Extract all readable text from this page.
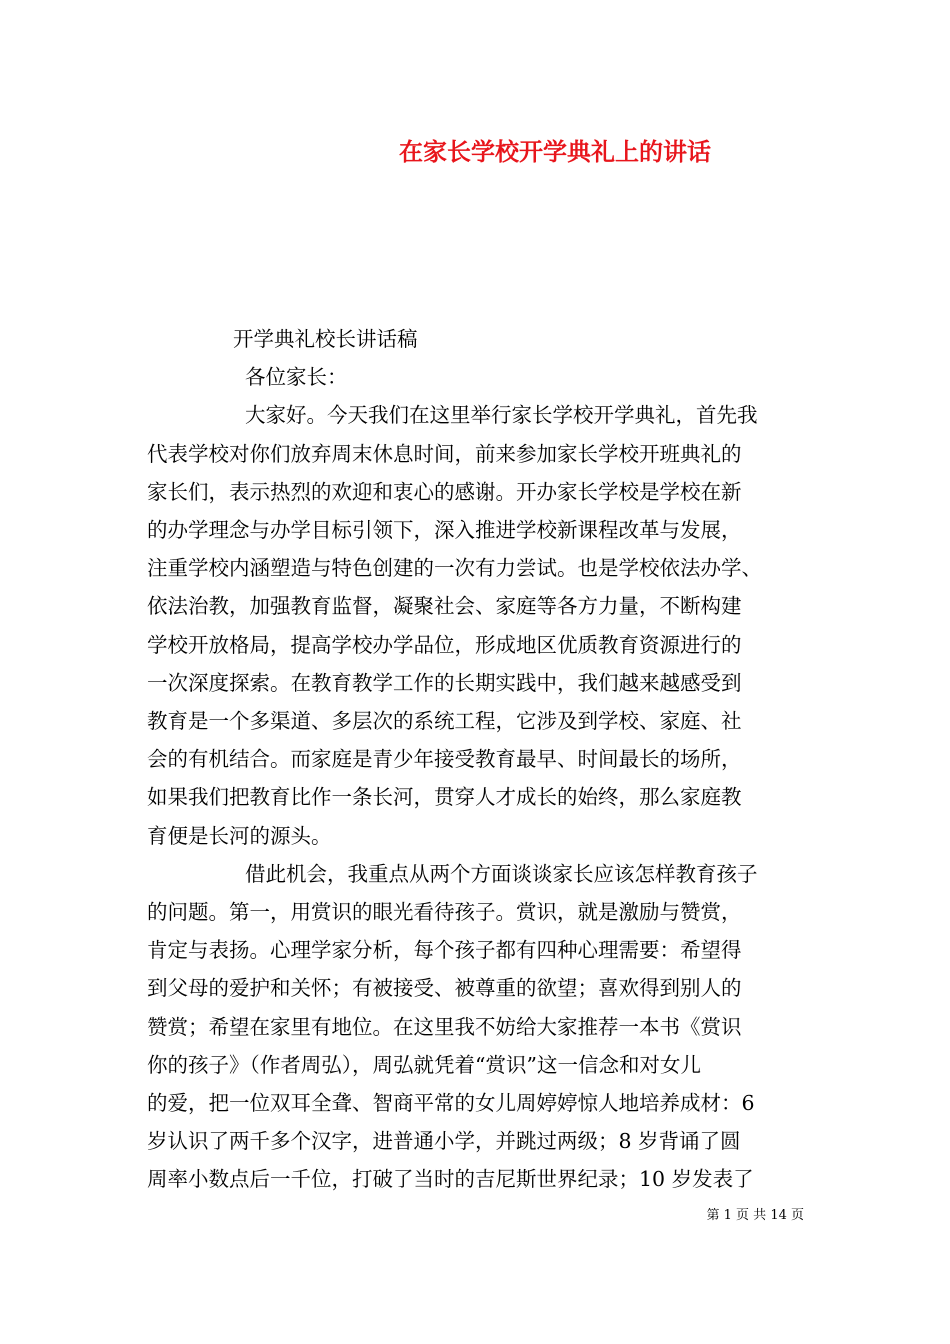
在家长学校开学典礼上的讲话

开学典礼校长讲话稿

各位家长：

大家好。今天我们在这里举行家长学校开学典礼，首先我
代表学校对你们放弃周末休息时间，前来参加家长学校开班典礼的
家长们，表示热烈的欢迎和衷心的感谢。开办家长学校是学校在新
的办学理念与办学目标引领下，深入推进学校新课程改革与发展，
注重学校内涵塑造与特色创建的一次有力尝试。也是学校依法办学、
依法治教，加强教育监督，凝聚社会、家庭等各方力量，不断构建
学校开放格局，提高学校办学品位，形成地区优质教育资源进行的
一次深度探索。在教育教学工作的长期实践中，我们越来越感受到
教育是一个多渠道、多层次的系统工程，它涉及到学校、家庭、社
会的有机结合。而家庭是青少年接受教育最早、时间最长的场所，
如果我们把教育比作一条长河，贯穿人才成长的始终，那么家庭教
育便是长河的源头。

借此机会，我重点从两个方面谈谈家长应该怎样教育孩子
的问题。第一，用赏识的眼光看待孩子。赏识，就是激励与赞赏，
肯定与表扬。心理学家分析，每个孩子都有四种心理需要：希望得
到父母的爱护和关怀；有被接受、被尊重的欲望；喜欢得到别人的
赞赏；希望在家里有地位。在这里我不妨给大家推荐一本书《赏识
你的孩子》（作者周弘），周弘就凭着“赏识”这一信念和对女儿
的爱，把一位双耳全聋、智商平常的女儿周婷婷惊人地培养成材：6
岁认识了两千多个汉字，进普通小学，并跳过两级；8 岁背诵了圆
周率小数点后一千位，打破了当时的吉尼斯世界纪录；10 岁发表了

第 1 页 共 14 页
